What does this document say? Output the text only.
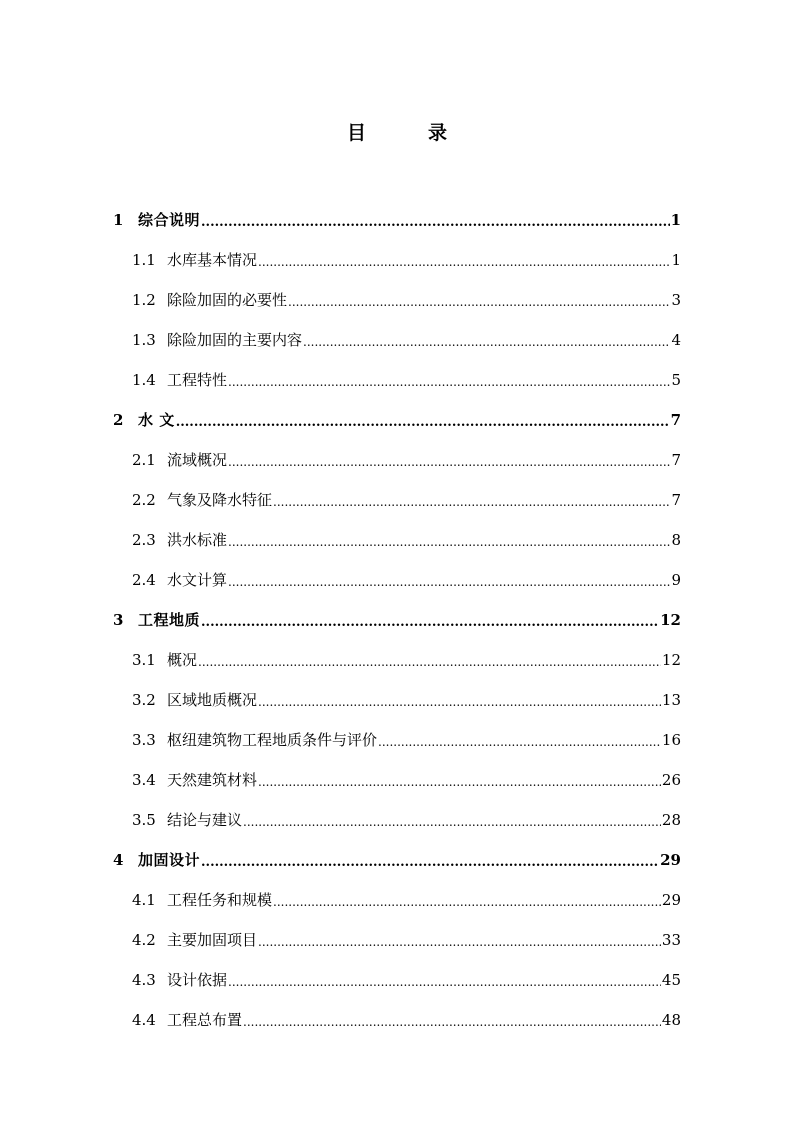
目	录
1 综合说明 .....	1
1.1 水库基本情况 .....	1
1.2 除险加固的必要性 .....	3
1.3 除险加固的主要内容 .....	4
1.4 工程特性 .....	5
2 水 文 .....	7
2.1 流域概况 .....	7
2.2 气象及降水特征 .....	7
2.3 洪水标准 .....	8
2.4 水文计算 .....	9
3 工程地质 .....	12
3.1 概况 .....	12
3.2 区域地质概况 .....	13
3.3 枢纽建筑物工程地质条件与评价 .....	16
3.4 天然建筑材料 .....	26
3.5 结论与建议 .....	28
4 加固设计 .....	29
4.1 工程任务和规模 .....	29
4.2 主要加固项目 .....	33
4.3 设计依据 .....	45
4.4 工程总布置 .....	48
